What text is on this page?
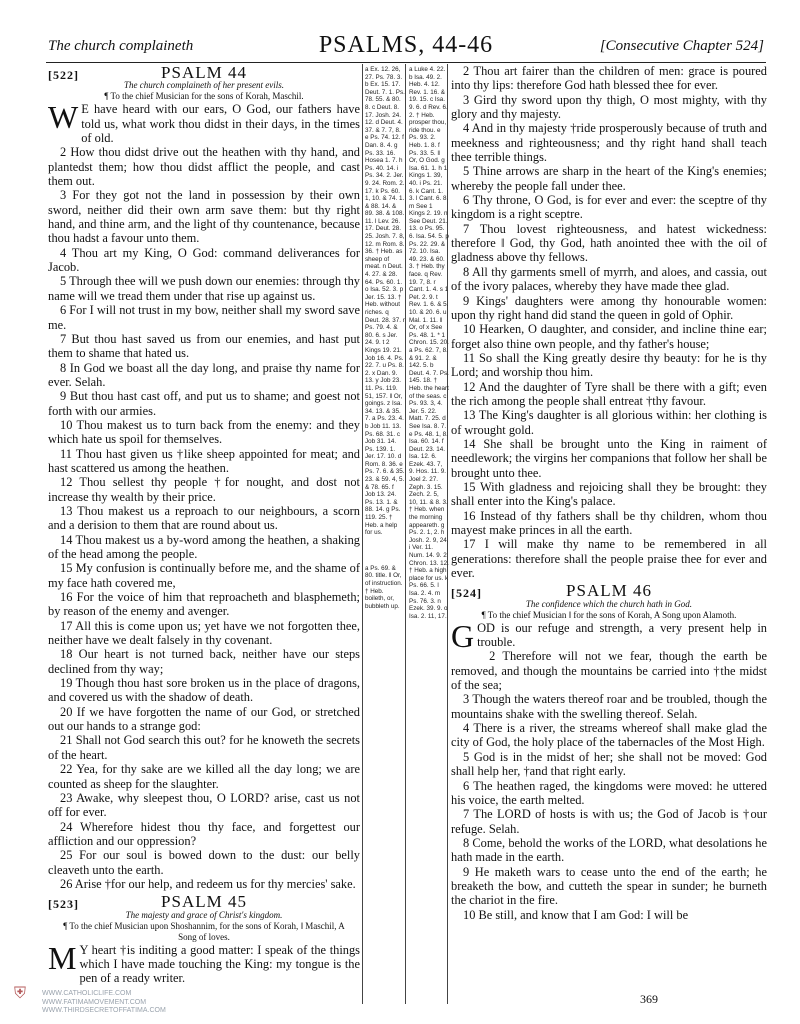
The church complaineth	PSALMS, 44-46	[Consecutive Chapter 524]
[522]	PSALM 44
The church complaineth of her present evils.
¶ To the chief Musician for the sons of Korah, Maschil.

W E have heard with our ears, O God, our fathers have told us, what work thou didst in their days, in the times of old.

2 How thou didst drive out the heathen with thy hand, and plantedst them; how thou didst afflict the people, and cast them out.

3 For they got not the land in possession by their own sword, neither did their own arm save them: but thy right hand, and thine arm, and the light of thy countenance, because thou hadst a favour unto them.

4 Thou art my King, O God: command deliverances for Jacob.

5 Through thee will we push down our enemies: through thy name will we tread them under that rise up against us.

6 For I will not trust in my bow, neither shall my sword save me.

7 But thou hast saved us from our enemies, and hast put them to shame that hated us.

8 In God we boast all the day long, and praise thy name for ever. Selah.

9 But thou hast cast off, and put us to shame; and goest not forth with our armies.

10 Thou makest us to turn back from the enemy: and they which hate us spoil for themselves.

11 Thou hast given us †like sheep appointed for meat; and hast scattered us among the heathen.

12 Thou sellest thy people †for nought, and dost not increase thy wealth by their price.

13 Thou makest us a reproach to our neighbours, a scorn and a derision to them that are round about us.

14 Thou makest us a by-word among the heathen, a shaking of the head among the people.

15 My confusion is continually before me, and the shame of my face hath covered me,

16 For the voice of him that reproacheth and blasphemeth; by reason of the enemy and avenger.

17 All this is come upon us; yet have we not forgotten thee, neither have we dealt falsely in thy covenant.

18 Our heart is not turned back, neither have our steps declined from thy way;

19 Though thou hast sore broken us in the place of dragons, and covered us with the shadow of death.

20 If we have forgotten the name of our God, or stretched out our hands to a strange god:

21 Shall not God search this out? for he knoweth the secrets of the heart.

22 Yea, for thy sake are we killed all the day long; we are counted as sheep for the slaughter.

23 Awake, why sleepest thou, O LORD? arise, cast us not off for ever.

24 Wherefore hidest thou thy face, and forgettest our affliction and our oppression?

25 For our soul is bowed down to the dust: our belly cleaveth unto the earth.

26 Arise †for our help, and redeem us for thy mercies' sake.

[523]	PSALM 45
The majesty and grace of Christ's kingdom.
¶ To the chief Musician upon Shoshannim, for the sons of Korah, ‖ Maschil, A Song of loves.

M Y heart †is inditing a good matter: I speak of the things which I have made touching the King: my tongue is the pen of a ready writer.

a Ex. 12. 26, 27. Ps. 78. 3. b Ex. 15. 17. Deut. 7. 1. Ps. 78. 55. & 80. 8. c Deut. 8. 17. Josh. 24. 12. d Deut. 4. 37. & 7. 7, 8. e Ps. 74. 12. f Dan. 8. 4. g Ps. 33. 16. Hosea 1. 7. h Ps. 40. 14. i Ps. 34. 2. Jer. 9. 24. Rom. 2. 17. k Ps. 60. 1, 10. & 74. 1. & 88. 14. & 89. 38. & 108. 11. l Lev. 26. 17. Deut. 28. 25. Josh. 7. 8, 12. m Rom. 8. 36. † Heb. as sheep of meat. n Deut. 4. 27. & 28. 64. Ps. 60. 1. o Isa. 52. 3. p Jer. 15. 13. † Heb. without riches. q Deut. 28. 37. r Ps. 79. 4. & 80. 6. s Jer. 24. 9. t 2 Kings 19. 21. Job 16. 4. Ps. 22. 7. u Ps. 8. 2. x Dan. 9. 13. y Job 23. 11. Ps. 119. 51, 157. ‖ Or, goings. z Isa. 34. 13. & 35. 7. a Ps. 23. 4. b Job 11. 13. Ps. 68. 31. c Job 31. 14. Ps. 139. 1. Jer. 17. 10. d Rom. 8. 36. e Ps. 7. 6. & 35. 23. & 59. 4, 5. & 78. 65. f Job 13. 24. Ps. 13. 1. & 88. 14. g Ps. 119. 25. † Heb. a help for us.
a Ps. 69. & 80. title. ‖ Or, of instruction. † Heb. boileth, or, bubbleth up.
a Luke 4. 22. b Isa. 49. 2. Heb. 4. 12. Rev. 1. 16. & 19. 15. c Isa. 9. 6. d Rev. 6. 2. † Heb. prosper thou, ride thou. e Ps. 93. 2. Heb. 1. 8. f Ps. 33. 5. ‖ Or, O God. g Isa. 61. 1. h 1 Kings 1. 39, 40. i Ps. 21. 6. k Cant. 1. 3. l Cant. 6. 8. m See 1 Kings 2. 19. n See Deut. 21. 13. o Ps. 95. 6. Isa. 54. 5. p Ps. 22. 29. & 72. 10. Isa. 49. 23. & 60. 3. † Heb. thy face. q Rev. 19. 7, 8. r Cant. 1. 4. s 1 Pet. 2. 9. t Rev. 1. 6. & 5. 10. & 20. 6. u Mal. 1. 11. ‖ Or, of x See Ps. 48. 1. * 1 Chron. 15. 20. a Ps. 62. 7, 8. & 91. 2. & 142. 5. b Deut. 4. 7. Ps. 145. 18. † Heb. the heart of the seas. c Ps. 93. 3, 4. Jer. 5. 22. Matt. 7. 25. d See Isa. 8. 7. e Ps. 48. 1, 8. Isa. 60. 14. f Deut. 23. 14. Isa. 12. 6. Ezek. 43. 7, 9. Hos. 11. 9. Joel 2. 27. Zeph. 3. 15. Zech. 2. 5, 10, 11. & 8. 3. † Heb. when the morning appeareth. g Ps. 2. 1, 2. h Josh. 2. 9, 24. i Ver. 11. Num. 14. 9. 2 Chron. 13. 12. † Heb. a high place for us. k Ps. 66. 5. l Isa. 2. 4. m Ps. 76. 3. n Ezek. 39. 9. o Isa. 2. 11, 17.

2 Thou art fairer than the children of men: grace is poured into thy lips: therefore God hath blessed thee for ever.

3 Gird thy sword upon thy thigh, O most mighty, with thy glory and thy majesty.

4 And in thy majesty †ride prosperously because of truth and meekness and righteousness; and thy right hand shall teach thee terrible things.

5 Thine arrows are sharp in the heart of the King's enemies; whereby the people fall under thee.

6 Thy throne, O God, is for ever and ever: the sceptre of thy kingdom is a right sceptre.

7 Thou lovest righteousness, and hatest wickedness: therefore ‖ God, thy God, hath anointed thee with the oil of gladness above thy fellows.

8 All thy garments smell of myrrh, and aloes, and cassia, out of the ivory palaces, whereby they have made thee glad.

9 Kings' daughters were among thy honourable women: upon thy right hand did stand the queen in gold of Ophir.

10 Hearken, O daughter, and consider, and incline thine ear; forget also thine own people, and thy father's house;

11 So shall the King greatly desire thy beauty: for he is thy Lord; and worship thou him.

12 And the daughter of Tyre shall be there with a gift; even the rich among the people shall entreat †thy favour.

13 The King's daughter is all glorious within: her clothing is of wrought gold.

14 She shall be brought unto the King in raiment of needlework; the virgins her companions that follow her shall be brought unto thee.

15 With gladness and rejoicing shall they be brought: they shall enter into the King's palace.

16 Instead of thy fathers shall be thy children, whom thou mayest make princes in all the earth.

17 I will make thy name to be remembered in all generations: therefore shall the people praise thee for ever and ever.

[524]	PSALM 46
The confidence which the church hath in God.
¶ To the chief Musician ‖ for the sons of Korah, A Song upon Alamoth.

GOD is our refuge and strength, a very present help in trouble.

2 Therefore will not we fear, though the earth be removed, and though the mountains be carried into †the midst of the sea;

3 Though the waters thereof roar and be troubled, though the mountains shake with the swelling thereof. Selah.

4 There is a river, the streams whereof shall make glad the city of God, the holy place of the tabernacles of the Most High.

5 God is in the midst of her; she shall not be moved: God shall help her, †and that right early.

6 The heathen raged, the kingdoms were moved: he uttered his voice, the earth melted.

7 The LORD of hosts is with us; the God of Jacob is †our refuge. Selah.

8 Come, behold the works of the LORD, what desolations he hath made in the earth.

9 He maketh wars to cease unto the end of the earth; he breaketh the bow, and cutteth the spear in sunder; he burneth the chariot in the fire.

10 Be still, and know that I am God: I will be

369
⛨	WWW.CATHOLICLIFE.COM
WWW.FATIMAMOVEMENT.COM
WWW.THIRDSECRETOFFATIMA.COM
